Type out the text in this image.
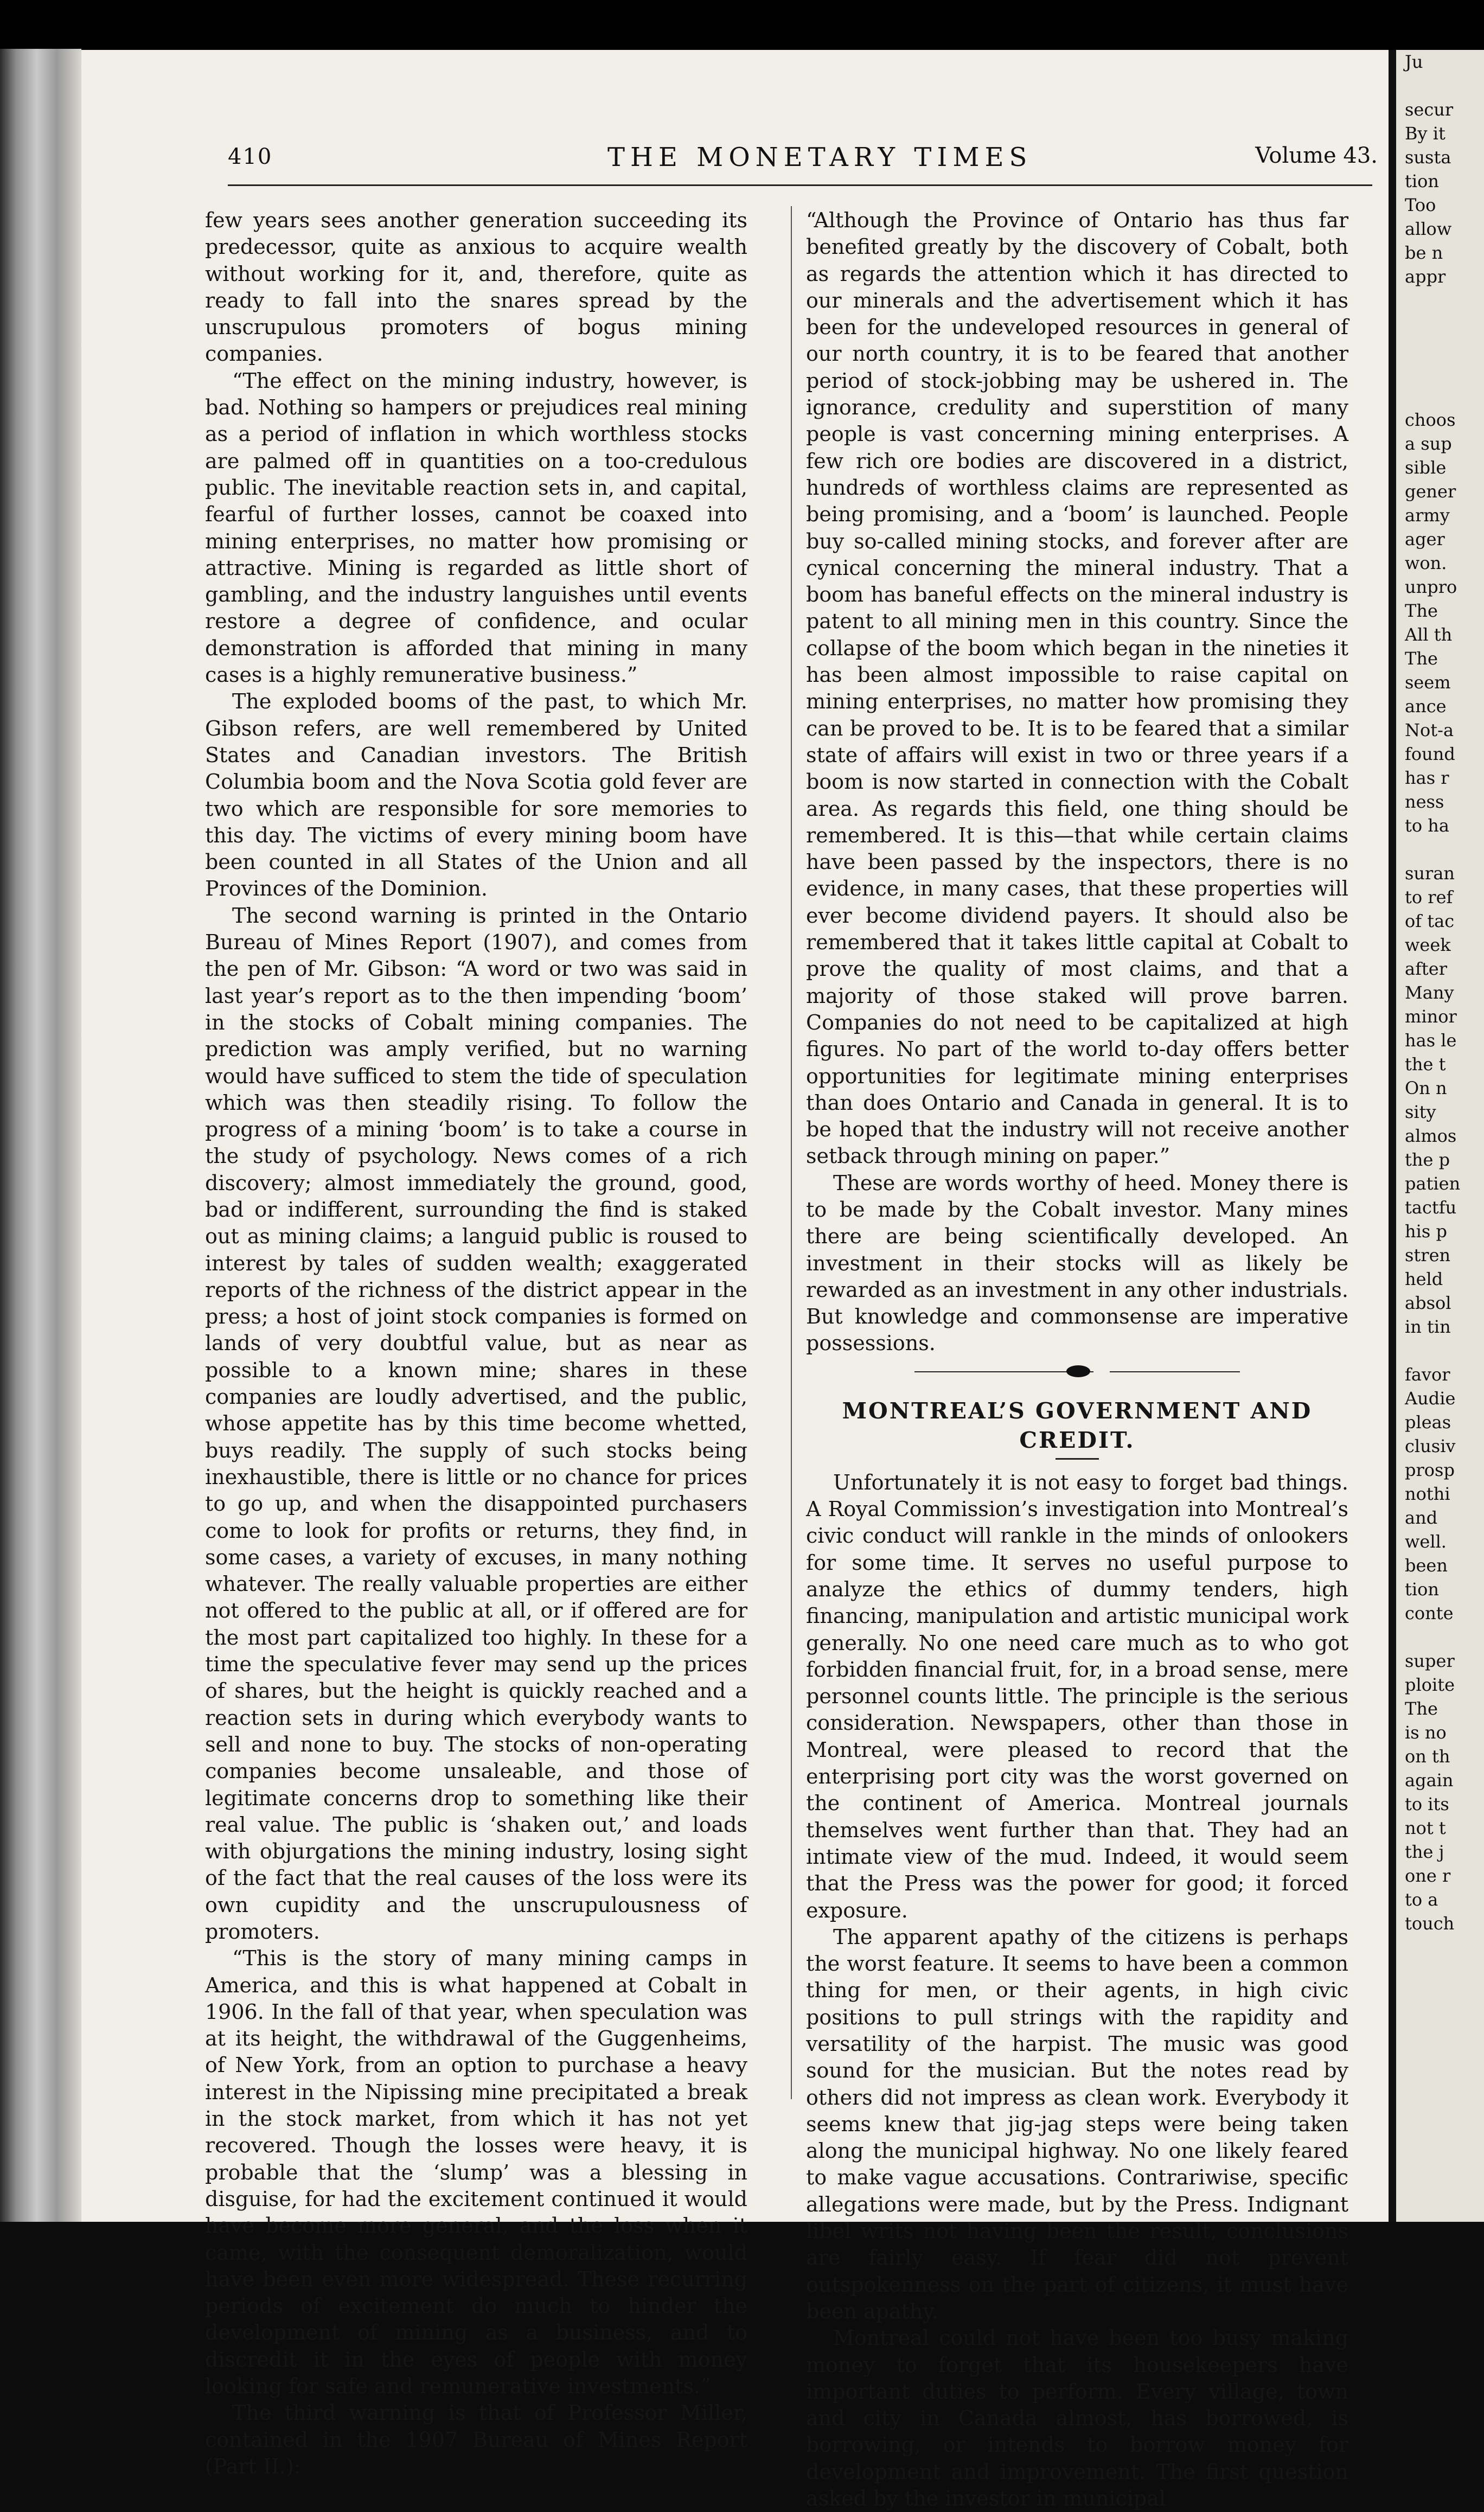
410	THE MONETARY TIMES	Volume 43.

few years sees another generation succeeding its predecessor, quite as anxious to acquire wealth without working for it, and, therefore, quite as ready to fall into the snares spread by the unscrupulous promoters of bogus mining companies.

“The effect on the mining industry, however, is bad. Nothing so hampers or prejudices real mining as a period of inflation in which worthless stocks are palmed off in quantities on a too-credulous public. The inevitable reaction sets in, and capital, fearful of further losses, cannot be coaxed into mining enterprises, no matter how promising or attractive. Mining is regarded as little short of gambling, and the industry languishes until events restore a degree of confidence, and ocular demonstration is afforded that mining in many cases is a highly remunerative business.”

The exploded booms of the past, to which Mr. Gibson refers, are well remembered by United States and Canadian investors. The British Columbia boom and the Nova Scotia gold fever are two which are responsible for sore memories to this day. The victims of every mining boom have been counted in all States of the Union and all Provinces of the Dominion.

The second warning is printed in the Ontario Bureau of Mines Report (1907), and comes from the pen of Mr. Gibson: “A word or two was said in last year’s report as to the then impending ‘boom’ in the stocks of Cobalt mining companies. The prediction was amply verified, but no warning would have sufficed to stem the tide of speculation which was then steadily rising. To follow the progress of a mining ‘boom’ is to take a course in the study of psychology. News comes of a rich discovery; almost immediately the ground, good, bad or indifferent, surrounding the find is staked out as mining claims; a languid public is roused to interest by tales of sudden wealth; exaggerated reports of the richness of the district appear in the press; a host of joint stock companies is formed on lands of very doubtful value, but as near as possible to a known mine; shares in these companies are loudly advertised, and the public, whose appetite has by this time become whetted, buys readily. The supply of such stocks being inexhaustible, there is little or no chance for prices to go up, and when the disappointed purchasers come to look for profits or returns, they find, in some cases, a variety of excuses, in many nothing whatever. The really valuable properties are either not offered to the public at all, or if offered are for the most part capitalized too highly. In these for a time the speculative fever may send up the prices of shares, but the height is quickly reached and a reaction sets in during which everybody wants to sell and none to buy. The stocks of non-operating companies become unsaleable, and those of legitimate concerns drop to something like their real value. The public is ‘shaken out,’ and loads with objurgations the mining industry, losing sight of the fact that the real causes of the loss were its own cupidity and the unscrupulousness of promoters.

“This is the story of many mining camps in America, and this is what happened at Cobalt in 1906. In the fall of that year, when speculation was at its height, the withdrawal of the Guggenheims, of New York, from an option to purchase a heavy interest in the Nipissing mine precipitated a break in the stock market, from which it has not yet recovered. Though the losses were heavy, it is probable that the ‘slump’ was a blessing in disguise, for had the excitement continued it would have become more general, and the loss when it came, with the consequent demoralization, would have been even more widespread. These recurring periods of excitement do much to hinder the development of mining as a business, and to discredit it in the eyes of people with money looking for safe and remunerative investments.”

The third warning is that of Professor Miller, contained in the 1907 Bureau of Mines Report (Part II.):

“Although the Province of Ontario has thus far benefited greatly by the discovery of Cobalt, both as regards the attention which it has directed to our minerals and the advertisement which it has been for the undeveloped resources in general of our north country, it is to be feared that another period of stock-jobbing may be ushered in. The ignorance, credulity and superstition of many people is vast concerning mining enterprises. A few rich ore bodies are discovered in a district, hundreds of worthless claims are represented as being promising, and a ‘boom’ is launched. People buy so-called mining stocks, and forever after are cynical concerning the mineral industry. That a boom has baneful effects on the mineral industry is patent to all mining men in this country. Since the collapse of the boom which began in the nineties it has been almost impossible to raise capital on mining enterprises, no matter how promising they can be proved to be. It is to be feared that a similar state of affairs will exist in two or three years if a boom is now started in connection with the Cobalt area. As regards this field, one thing should be remembered. It is this—that while certain claims have been passed by the inspectors, there is no evidence, in many cases, that these properties will ever become dividend payers. It should also be remembered that it takes little capital at Cobalt to prove the quality of most claims, and that a majority of those staked will prove barren. Companies do not need to be capitalized at high figures. No part of the world to-day offers better opportunities for legitimate mining enterprises than does Ontario and Canada in general. It is to be hoped that the industry will not receive another setback through mining on paper.”

These are words worthy of heed. Money there is to be made by the Cobalt investor. Many mines there are being scientifically developed. An investment in their stocks will as likely be rewarded as an investment in any other industrials. But knowledge and commonsense are imperative possessions.

MONTREAL’S GOVERNMENT AND CREDIT.

Unfortunately it is not easy to forget bad things. A Royal Commission’s investigation into Montreal’s civic conduct will rankle in the minds of onlookers for some time. It serves no useful purpose to analyze the ethics of dummy tenders, high financing, manipulation and artistic municipal work generally. No one need care much as to who got forbidden financial fruit, for, in a broad sense, mere personnel counts little. The principle is the serious consideration. Newspapers, other than those in Montreal, were pleased to record that the enterprising port city was the worst governed on the continent of America. Montreal journals themselves went further than that. They had an intimate view of the mud. Indeed, it would seem that the Press was the power for good; it forced exposure.

The apparent apathy of the citizens is perhaps the worst feature. It seems to have been a common thing for men, or their agents, in high civic positions to pull strings with the rapidity and versatility of the harpist. The music was good sound for the musician. But the notes read by others did not impress as clean work. Everybody it seems knew that jig-jag steps were being taken along the municipal highway. No one likely feared to make vague accusations. Contrariwise, specific allegations were made, but by the Press. Indignant libel writs not having been the result, conclusions are fairly easy. If fear did not prevent outspokenness on the part of citizens, it must have been apathy.

Montreal could not have been too busy making money to forget that its housekeepers have important duties to perform. Every village, town and city in Canada almost, has borrowed, is borrowing, or intends to borrow money for development and improvement. The first question asked by the investor in municipal

Ju

secur
By it
susta
tion
Too
allow
be n
appr

choos
a sup
sible
gener
army
ager
won.
unpro
The
All th
The
seem
ance
Not-a
found
has r
ness
to ha

suran
to ref
of tac
week
after
Many
minor
has le
the t
On n
sity
almos
the p
patien
tactfu
his p
stren
held
absol
in tin

favor
Audie
pleas
clusiv
prosp
nothi
and
well.
been
tion
conte

super
ploite
The
is no
on th
again
to its
not t
the j
one r
to a
touch
